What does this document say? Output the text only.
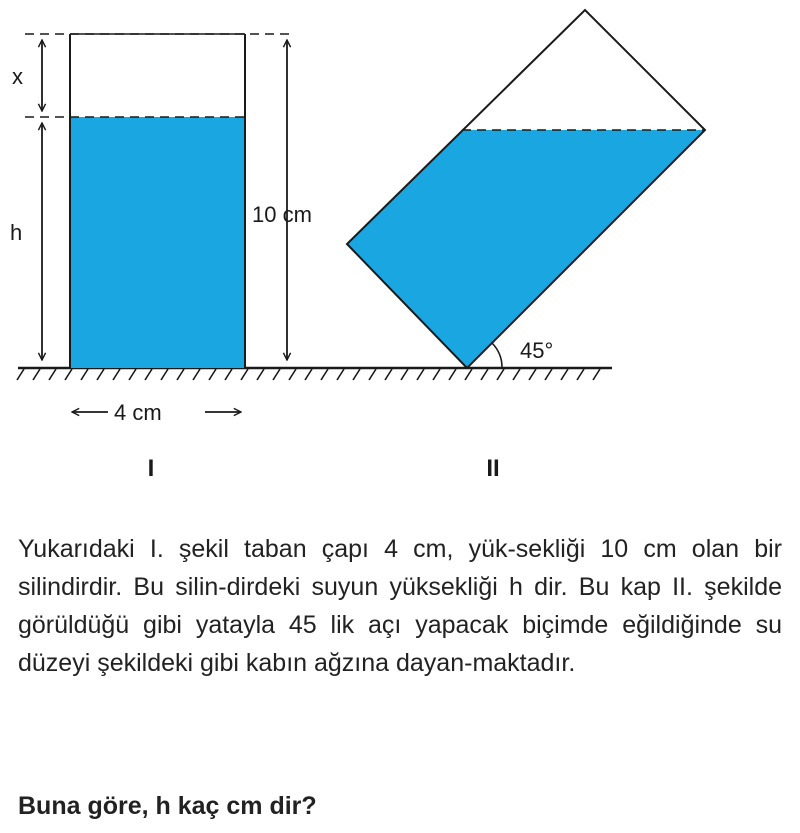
x
h
10 cm
4 cm
I
45°
II

Yukarıdaki I. şekil taban çapı 4 cm, yük-sekliği 10 cm olan bir silindirdir. Bu silin-dirdeki suyun yüksekliği h dir. Bu kap II. şekilde görüldüğü gibi yatayla 45 lik açı yapacak biçimde eğildiğinde su düzeyi şekildeki gibi kabın ağzına dayan-maktadır.

Buna göre, h kaç cm dir?
